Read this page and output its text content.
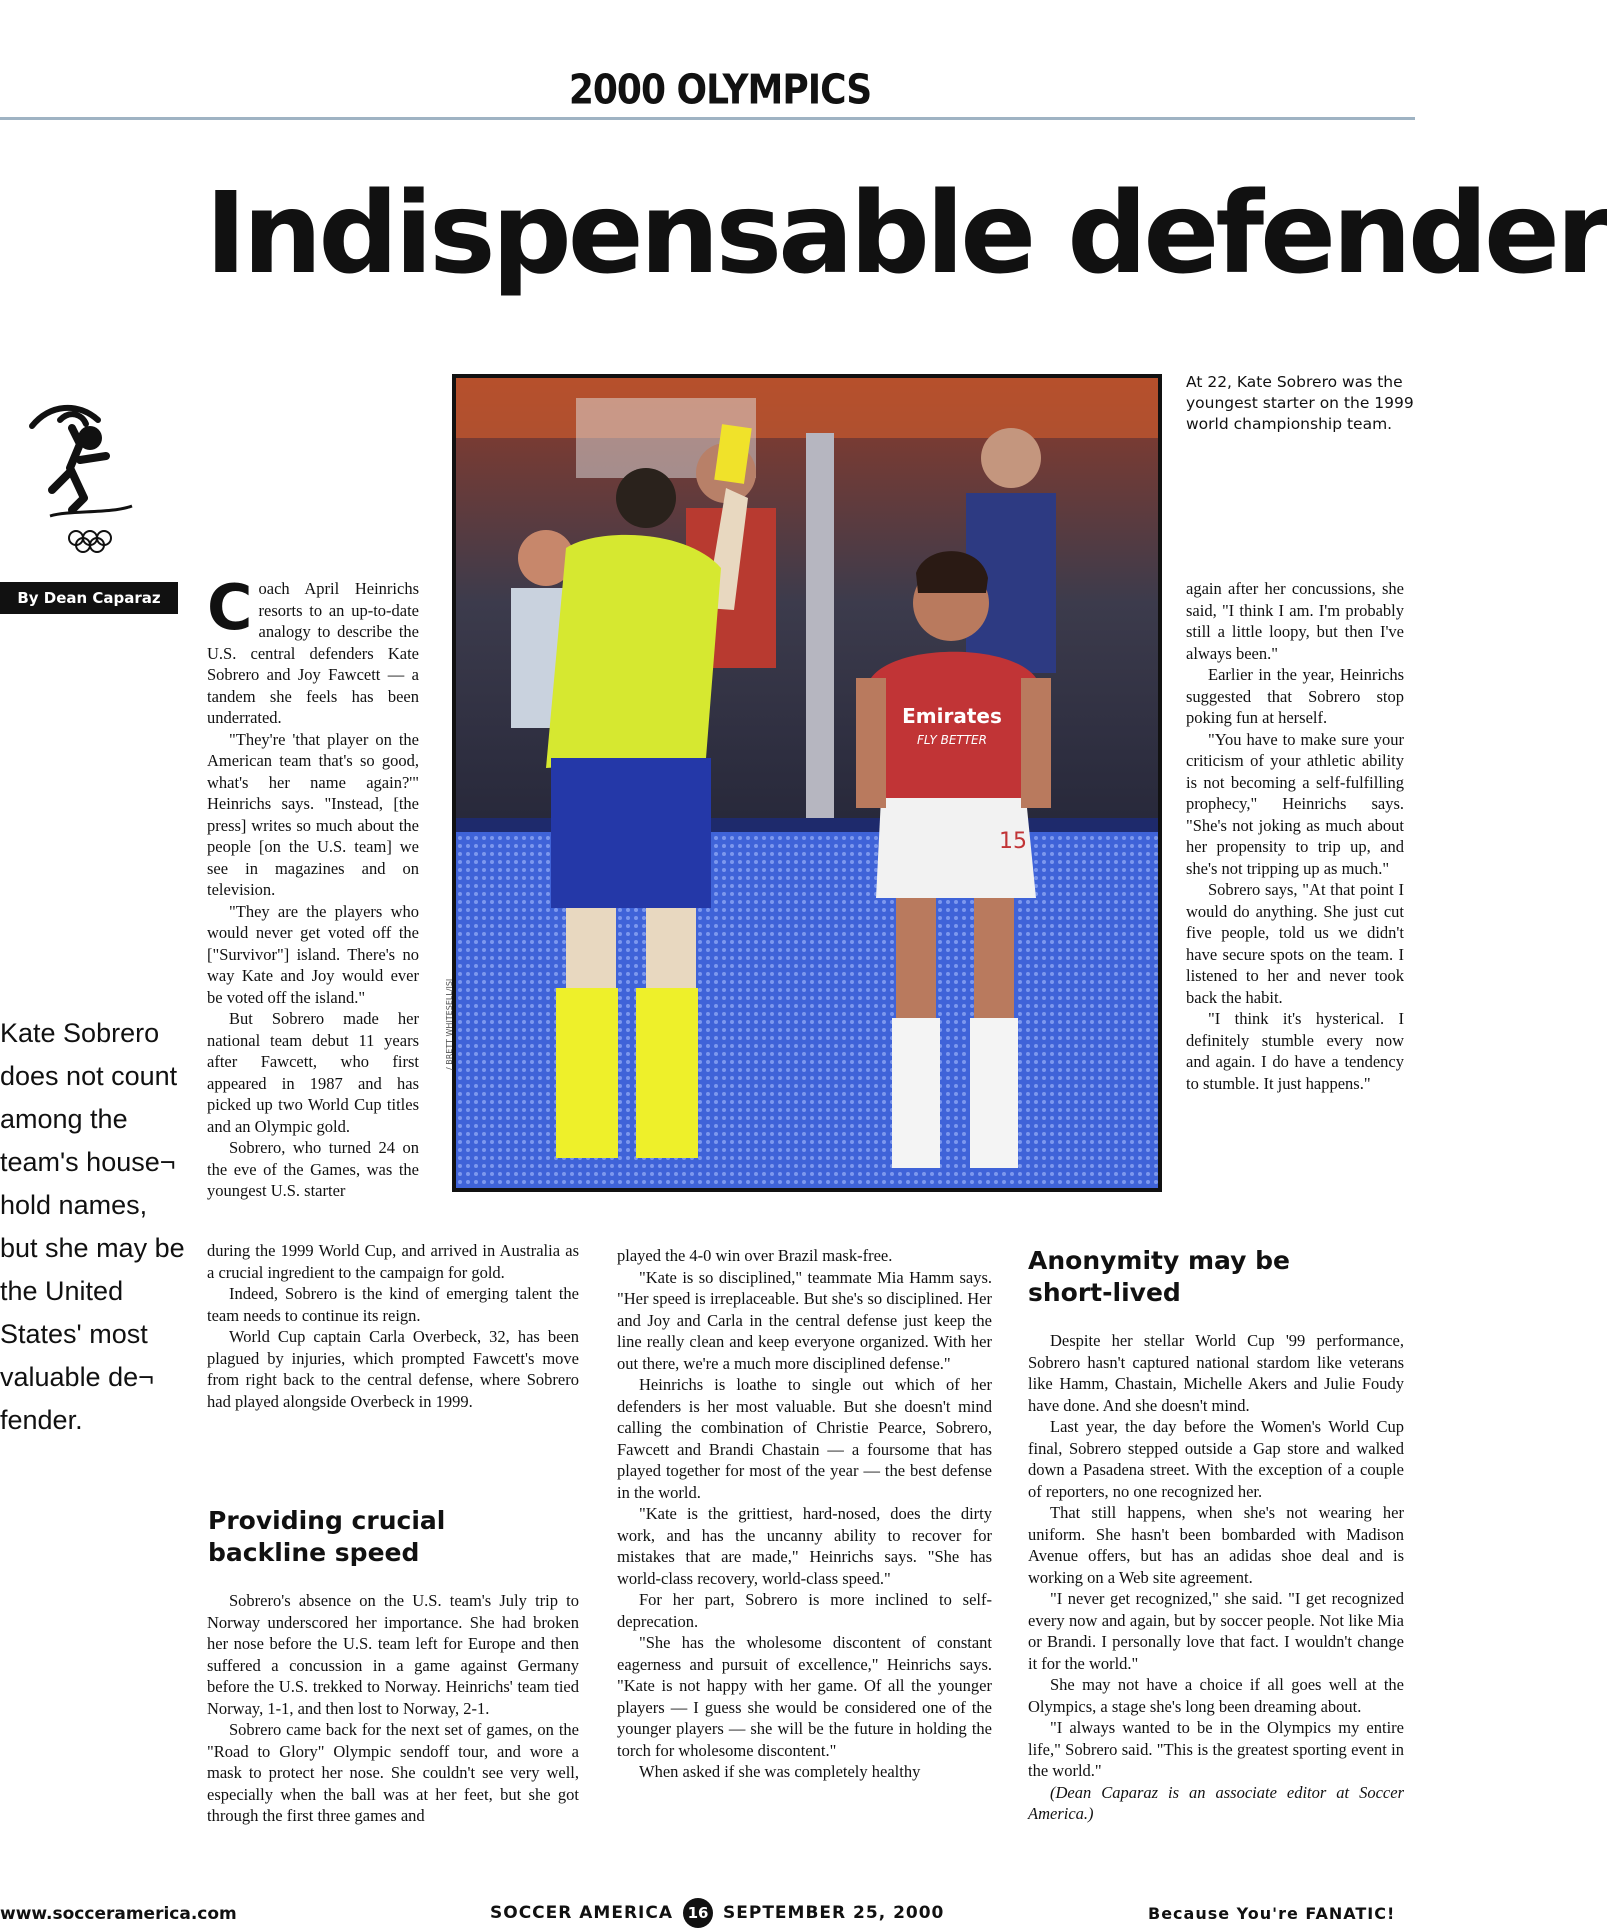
2000 OLYMPICS
Indispensable defender
By Dean Caparaz
Kate Sobrero does not count among the team's house¬ hold names, but she may be the United States' most valuable de¬ fender.
Emirates
FLY BETTER
15
/ BRETT WHITESELL/ISI
At 22, Kate Sobrero was the youngest starter on the 1999 world championship team.

Coach April Heinrichs resorts to an up-to-date analogy to describe the U.S. central defenders Kate Sobrero and Joy Fawcett — a tandem she feels has been underrated.

"They're 'that player on the American team that's so good, what's her name again?'" Heinrichs says. "Instead, [the press] writes so much about the people [on the U.S. team] we see in magazines and on television.

"They are the players who would never get voted off the ["Survivor"] island. There's no way Kate and Joy would ever be voted off the island."

But Sobrero made her national team debut 11 years after Fawcett, who first appeared in 1987 and has picked up two World Cup titles and an Olympic gold.

Sobrero, who turned 24 on the eve of the Games, was the youngest U.S. starter

during the 1999 World Cup, and arrived in Australia as a crucial ingredient to the campaign for gold.

Indeed, Sobrero is the kind of emerging talent the team needs to continue its reign.

World Cup captain Carla Overbeck, 32, has been plagued by injuries, which prompted Fawcett's move from right back to the central defense, where Sobrero had played alongside Overbeck in 1999.

Providing crucial backline speed

Sobrero's absence on the U.S. team's July trip to Norway underscored her importance. She had broken her nose before the U.S. team left for Europe and then suffered a concussion in a game against Germany before the U.S. trekked to Norway. Heinrichs' team tied Norway, 1-1, and then lost to Norway, 2-1.

Sobrero came back for the next set of games, on the "Road to Glory" Olympic sendoff tour, and wore a mask to protect her nose. She couldn't see very well, especially when the ball was at her feet, but she got through the first three games and

played the 4-0 win over Brazil mask-free.

"Kate is so disciplined," teammate Mia Hamm says. "Her speed is irreplaceable. But she's so disciplined. Her and Joy and Carla in the central defense just keep the line really clean and keep everyone organized. With her out there, we're a much more disciplined defense."

Heinrichs is loathe to single out which of her defenders is her most valuable. But she doesn't mind calling the combination of Christie Pearce, Sobrero, Fawcett and Brandi Chastain — a foursome that has played together for most of the year — the best defense in the world.

"Kate is the grittiest, hard-nosed, does the dirty work, and has the uncanny ability to recover for mistakes that are made," Heinrichs says. "She has world-class recovery, world-class speed."

For her part, Sobrero is more inclined to self-deprecation.

"She has the wholesome discontent of constant eagerness and pursuit of excellence," Heinrichs says. "Kate is not happy with her game. Of all the younger players — I guess she would be considered one of the younger players — she will be the future in holding the torch for wholesome discontent."

When asked if she was completely healthy

again after her concussions, she said, "I think I am. I'm probably still a little loopy, but then I've always been."

Earlier in the year, Heinrichs suggested that Sobrero stop poking fun at herself.

"You have to make sure your criticism of your athletic ability is not becoming a self-fulfilling prophecy," Heinrichs says. "She's not joking as much about her propensity to trip up, and she's not tripping up as much."

Sobrero says, "At that point I would do anything. She just cut five people, told us we didn't have secure spots on the team. I listened to her and never took back the habit.

"I think it's hysterical. I definitely stumble every now and again. I do have a tendency to stumble. It just happens."

Anonymity may be short-lived

Despite her stellar World Cup '99 performance, Sobrero hasn't captured national stardom like veterans like Hamm, Chastain, Michelle Akers and Julie Foudy have done. And she doesn't mind.

Last year, the day before the Women's World Cup final, Sobrero stepped outside a Gap store and walked down a Pasadena street. With the exception of a couple of reporters, no one recognized her.

That still happens, when she's not wearing her uniform. She hasn't been bombarded with Madison Avenue offers, but has an adidas shoe deal and is working on a Web site agreement.

"I never get recognized," she said. "I get recognized every now and again, but by soccer people. Not like Mia or Brandi. I personally love that fact. I wouldn't change it for the world."

She may not have a choice if all goes well at the Olympics, a stage she's long been dreaming about.

"I always wanted to be in the Olympics my entire life," Sobrero said. "This is the greatest sporting event in the world."

(Dean Caparaz is an associate editor at Soccer America.)

www.socceramerica.com	SOCCER AMERICA 16 SEPTEMBER 25, 2000	Because You're FANATIC!
